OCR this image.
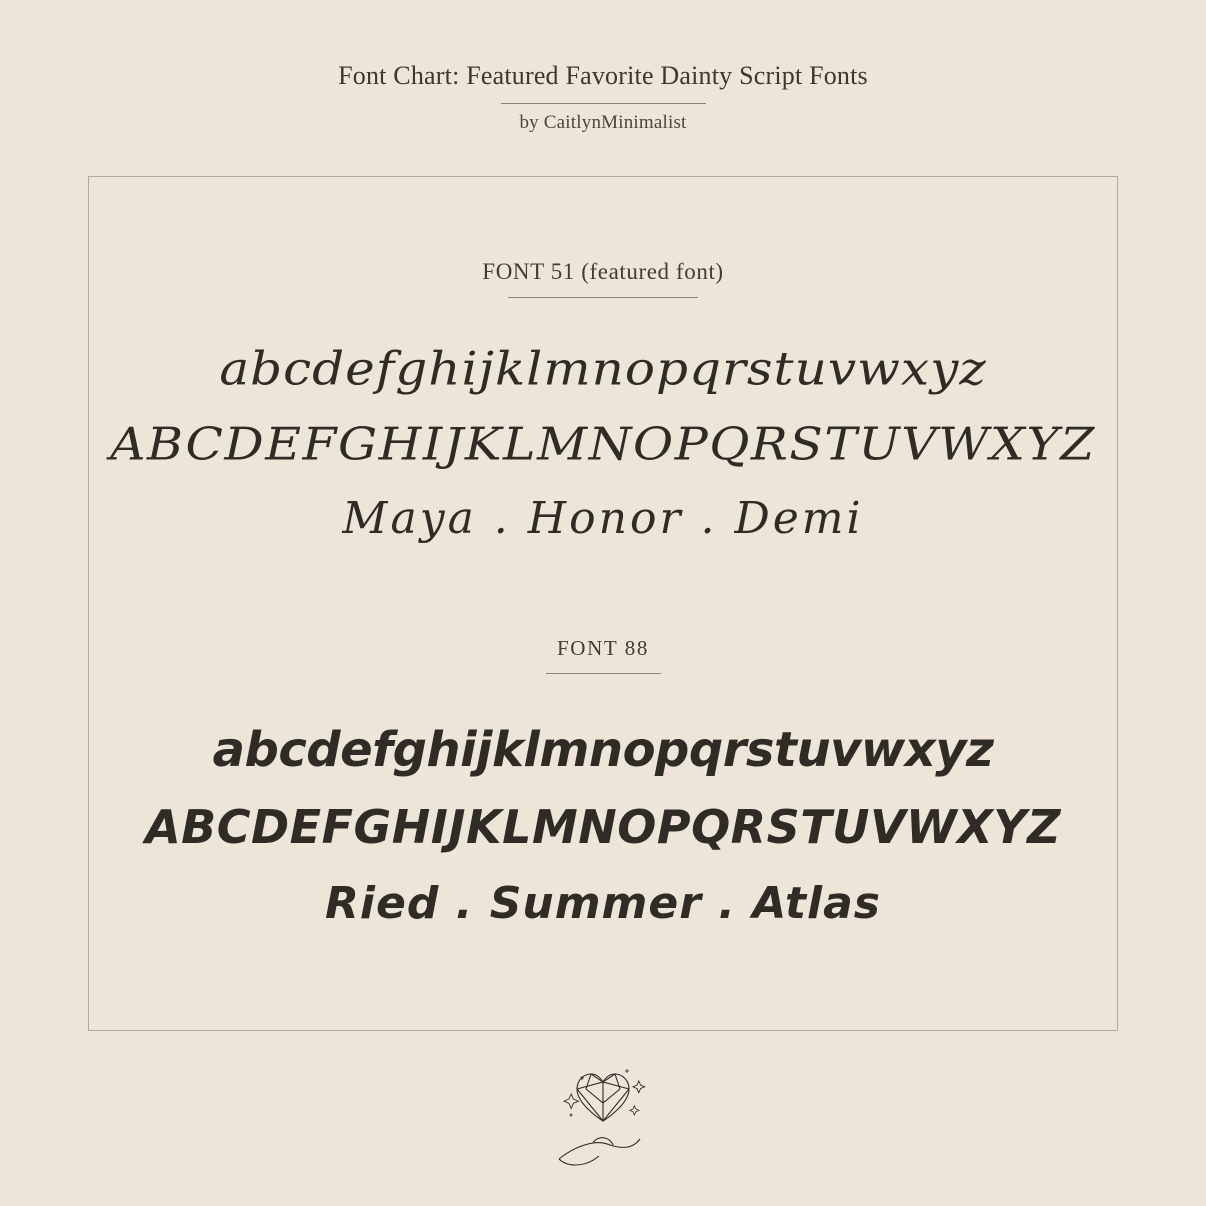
Font Chart: Featured Favorite Dainty Script Fonts
by CaitlynMinimalist
FONT 51 (featured font)
abcdefghijklmnopqrstuvwxyz
ABCDEFGHIJKLMNOPQRSTUVWXYZ
Maya . Honor . Demi
FONT 88
abcdefghijklmnopqrstuvwxyz
ABCDEFGHIJKLMNOPQRSTUVWXYZ
Ried . Summer . Atlas
